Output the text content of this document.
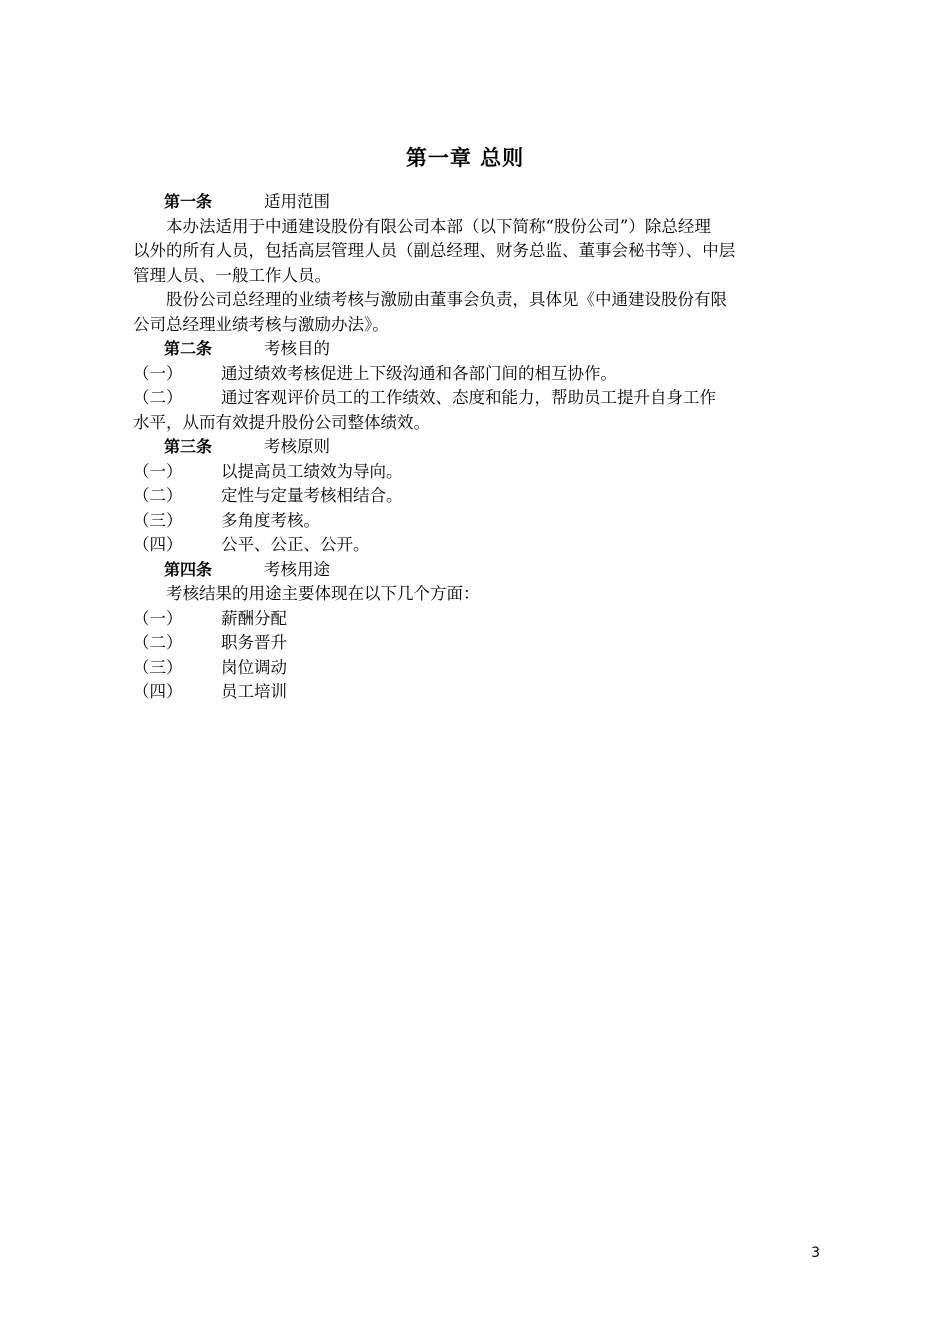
第一章 总则
第一条	适用范围
本办法适用于中通建设股份有限公司本部（以下简称“股份公司”）除总经理
以外的所有人员，包括高层管理人员（副总经理、财务总监、董事会秘书等）、中层
管理人员、一般工作人员。
股份公司总经理的业绩考核与激励由董事会负责，具体见《中通建设股份有限
公司总经理业绩考核与激励办法》。
第二条	考核目的
（一） 通过绩效考核促进上下级沟通和各部门间的相互协作。
（二） 通过客观评价员工的工作绩效、态度和能力，帮助员工提升自身工作
水平，从而有效提升股份公司整体绩效。
第三条	考核原则
（一） 以提高员工绩效为导向。
（二） 定性与定量考核相结合。
（三） 多角度考核。
（四） 公平、公正、公开。
第四条	考核用途
考核结果的用途主要体现在以下几个方面：
（一） 薪酬分配
（二） 职务晋升
（三） 岗位调动
（四） 员工培训
3
